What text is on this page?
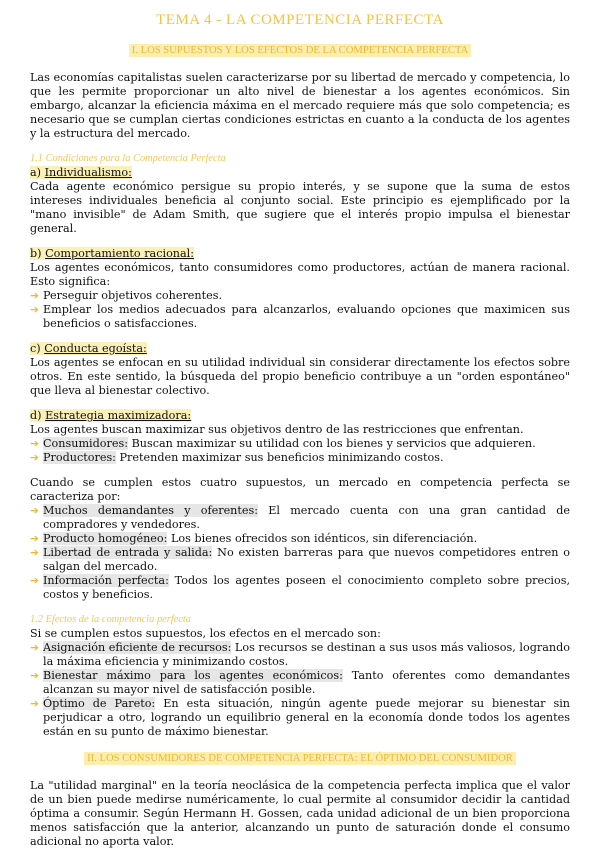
TEMA 4 - LA COMPETENCIA PERFECTA
I. LOS SUPUESTOS Y LOS EFECTOS DE LA COMPETENCIA PERFECTA

Las economías capitalistas suelen caracterizarse por su libertad de mercado y competencia, lo que les permite proporcionar un alto nivel de bienestar a los agentes económicos. Sin embargo, alcanzar la eficiencia máxima en el mercado requiere más que solo competencia; es necesario que se cumplan ciertas condiciones estrictas en cuanto a la conducta de los agentes y la estructura del mercado.

1.1 Condiciones para la Competencia Perfecta
a) Individualismo:

Cada agente económico persigue su propio interés, y se supone que la suma de estos intereses individuales beneficia al conjunto social. Este principio es ejemplificado por la "mano invisible" de Adam Smith, que sugiere que el interés propio impulsa el bienestar general.

b) Comportamiento racional:

Los agentes económicos, tanto consumidores como productores, actúan de manera racional. Esto significa:

➔ Perseguir objetivos coherentes.
➔ Emplear los medios adecuados para alcanzarlos, evaluando opciones que maximicen sus beneficios o satisfacciones.
c) Conducta egoísta:

Los agentes se enfocan en su utilidad individual sin considerar directamente los efectos sobre otros. En este sentido, la búsqueda del propio beneficio contribuye a un "orden espontáneo" que lleva al bienestar colectivo.

d) Estrategia maximizadora:

Los agentes buscan maximizar sus objetivos dentro de las restricciones que enfrentan.

➔ Consumidores: Buscan maximizar su utilidad con los bienes y servicios que adquieren.
➔ Productores: Pretenden maximizar sus beneficios minimizando costos.

Cuando se cumplen estos cuatro supuestos, un mercado en competencia perfecta se caracteriza por:

➔ Muchos demandantes y oferentes: El mercado cuenta con una gran cantidad de compradores y vendedores.
➔ Producto homogéneo: Los bienes ofrecidos son idénticos, sin diferenciación.
➔ Libertad de entrada y salida: No existen barreras para que nuevos competidores entren o salgan del mercado.
➔ Información perfecta: Todos los agentes poseen el conocimiento completo sobre precios, costos y beneficios.
1.2 Efectos de la competencia perfecta

Si se cumplen estos supuestos, los efectos en el mercado son:

➔ Asignación eficiente de recursos: Los recursos se destinan a sus usos más valiosos, logrando la máxima eficiencia y minimizando costos.
➔ Bienestar máximo para los agentes económicos: Tanto oferentes como demandantes alcanzan su mayor nivel de satisfacción posible.
➔ Óptimo de Pareto: En esta situación, ningún agente puede mejorar su bienestar sin perjudicar a otro, logrando un equilibrio general en la economía donde todos los agentes están en su punto de máximo bienestar.
II. LOS CONSUMIDORES DE COMPETENCIA PERFECTA: EL ÓPTIMO DEL CONSUMIDOR

La "utilidad marginal" en la teoría neoclásica de la competencia perfecta implica que el valor de un bien puede medirse numéricamente, lo cual permite al consumidor decidir la cantidad óptima a consumir. Según Hermann H. Gossen, cada unidad adicional de un bien proporciona menos satisfacción que la anterior, alcanzando un punto de saturación donde el consumo adicional no aporta valor.
